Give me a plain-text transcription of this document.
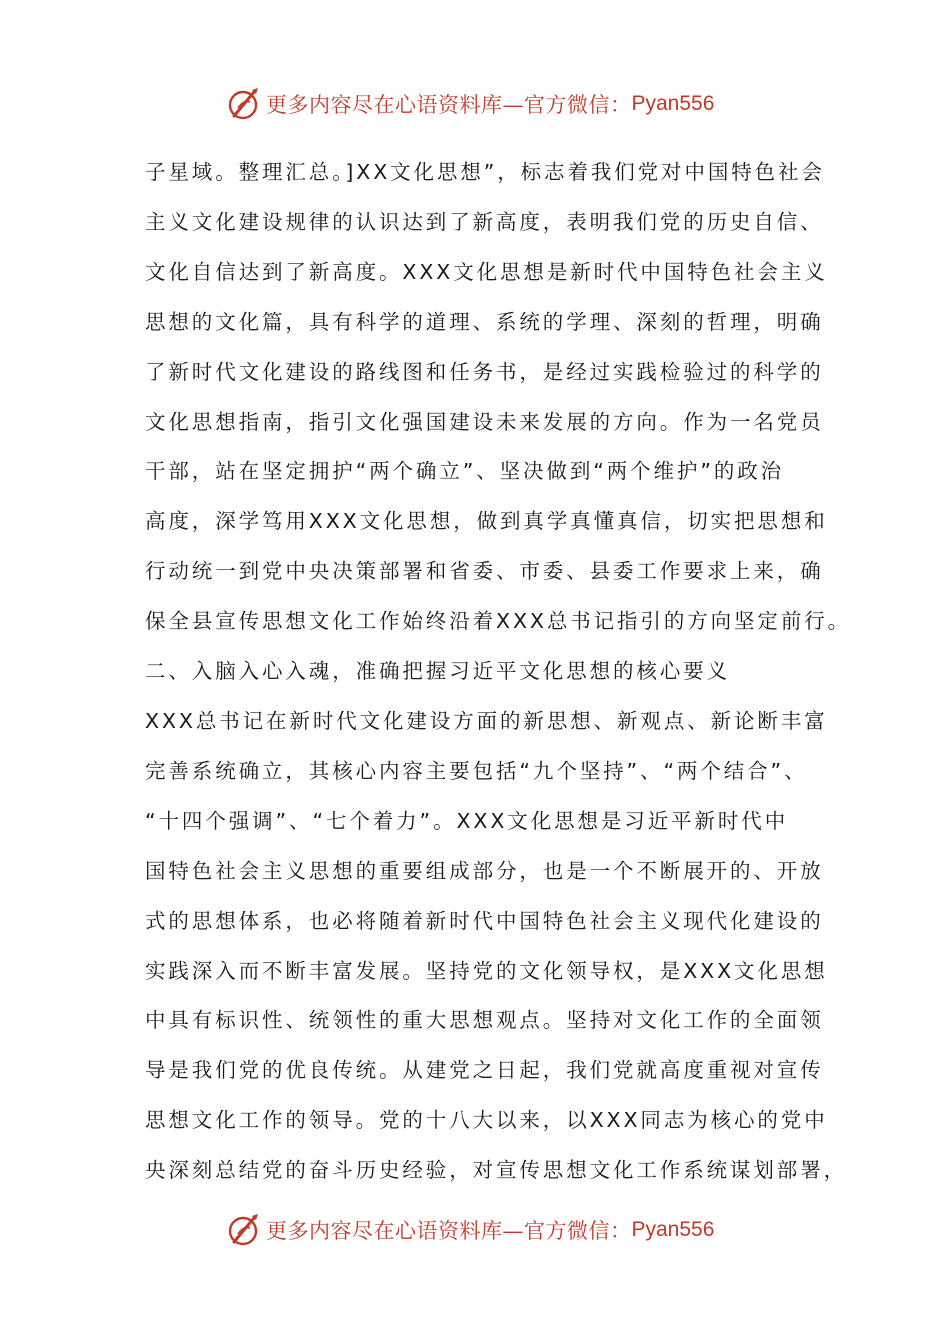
更多内容尽在心语资料库—官方微信： Pyan556
子星域。整理汇总。]XX文化思想”，标志着我们党对中国特色社会
主义文化建设规律的认识达到了新高度，表明我们党的历史自信、
文化自信达到了新高度。XXX文化思想是新时代中国特色社会主义
思想的文化篇，具有科学的道理、系统的学理、深刻的哲理，明确
了新时代文化建设的路线图和任务书，是经过实践检验过的科学的
文化思想指南，指引文化强国建设未来发展的方向。作为一名党员
干部，站在坚定拥护“两个确立”、坚决做到“两个维护”的政治
高度，深学笃用XXX文化思想，做到真学真懂真信，切实把思想和
行动统一到党中央决策部署和省委、市委、县委工作要求上来，确
保全县宣传思想文化工作始终沿着XXX总书记指引的方向坚定前行。
二、入脑入心入魂，准确把握习近平文化思想的核心要义
XXX总书记在新时代文化建设方面的新思想、新观点、新论断丰富
完善系统确立，其核心内容主要包括“九个坚持”、“两个结合”、
“十四个强调”、“七个着力”。XXX文化思想是习近平新时代中
国特色社会主义思想的重要组成部分，也是一个不断展开的、开放
式的思想体系，也必将随着新时代中国特色社会主义现代化建设的
实践深入而不断丰富发展。坚持党的文化领导权，是XXX文化思想
中具有标识性、统领性的重大思想观点。坚持对文化工作的全面领
导是我们党的优良传统。从建党之日起，我们党就高度重视对宣传
思想文化工作的领导。党的十八大以来，以XXX同志为核心的党中
央深刻总结党的奋斗历史经验，对宣传思想文化工作系统谋划部署，
更多内容尽在心语资料库—官方微信： Pyan556
